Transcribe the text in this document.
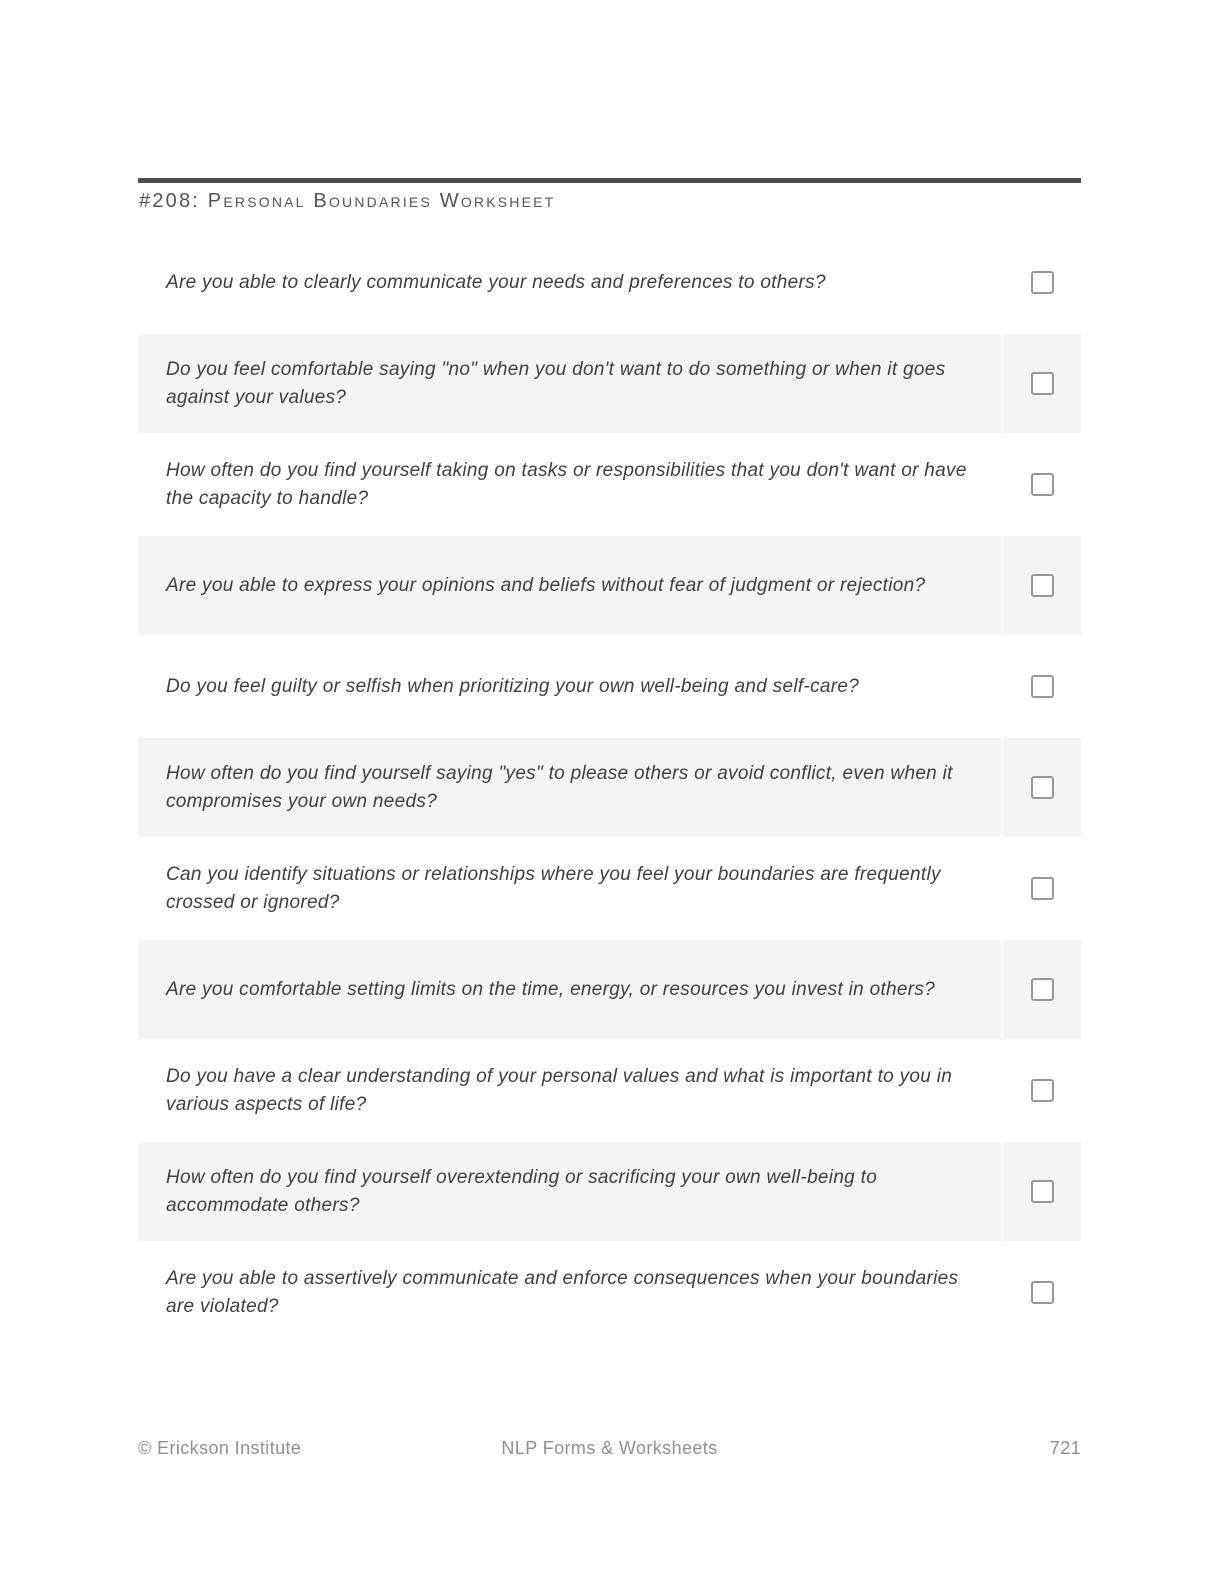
#208: Personal Boundaries Worksheet
Are you able to clearly communicate your needs and preferences to others?
Do you feel comfortable saying "no" when you don't want to do something or when it goes against your values?
How often do you find yourself taking on tasks or responsibilities that you don't want or have the capacity to handle?
Are you able to express your opinions and beliefs without fear of judgment or rejection?
Do you feel guilty or selfish when prioritizing your own well-being and self-care?
How often do you find yourself saying "yes" to please others or avoid conflict, even when it compromises your own needs?
Can you identify situations or relationships where you feel your boundaries are frequently crossed or ignored?
Are you comfortable setting limits on the time, energy, or resources you invest in others?
Do you have a clear understanding of your personal values and what is important to you in various aspects of life?
How often do you find yourself overextending or sacrificing your own well-being to accommodate others?
Are you able to assertively communicate and enforce consequences when your boundaries are violated?
© Erickson Institute	NLP Forms & Worksheets	721
